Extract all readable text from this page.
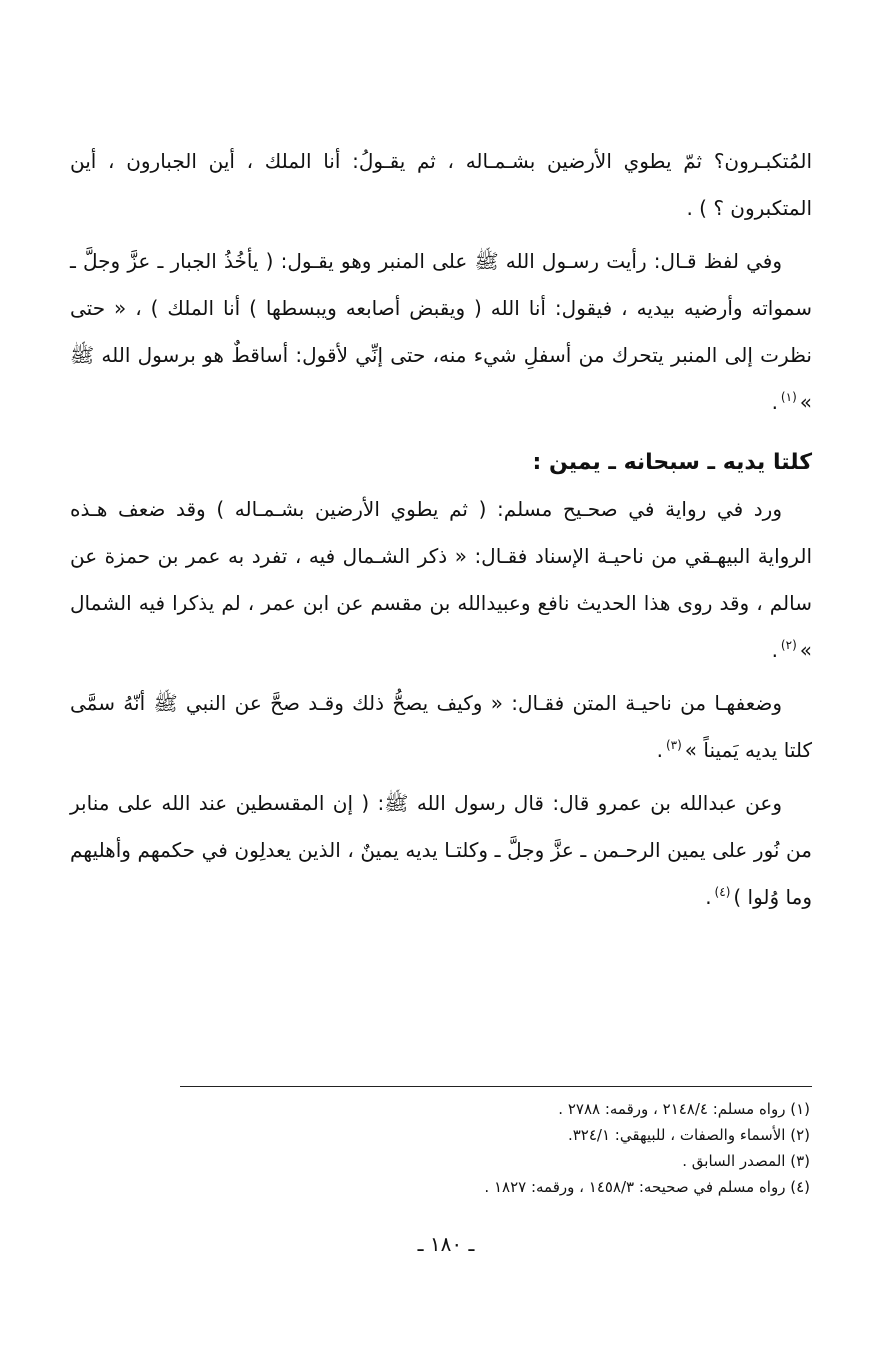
المُتكبـرون؟ ثمّ يطوي الأرضين بشـمـاله ، ثم يقـولُ: أنا الملك ، أين الجبارون ، أين المتكبرون ؟ ) .

وفي لفظ قـال: رأيت رسـول الله ﷺ على المنبر وهو يقـول: ( يأخُذُ الجبار ـ عزَّ وجلَّ ـ سمواته وأرضيه بيديه ، فيقول: أنا الله ( ويقبض أصابعه ويبسطها ) أنا الملك ) ، « حتى نظرت إلى المنبر يتحرك من أسفلِ شيء منه، حتى إنِّي لأقول: أساقطٌ هو برسول الله ﷺ »$^{(١)}$.

كلتا يديه ـ سبحانه ـ يمين :

ورد في رواية في صحـيح مسلم: ( ثم يطوي الأرضين بشـمـاله ) وقد ضعف هـذه الرواية البيهـقي من ناحيـة الإسناد فقـال: « ذكر الشـمال فيه ، تفرد به عمر بن حمزة عن سالم ، وقد روى هذا الحديث نافع وعبيدالله بن مقسم عن ابن عمر ، لم يذكرا فيه الشمال »$^{(٢)}$.

وضعفهـا من ناحيـة المتن فقـال: « وكيف يصحُّ ذلك وقـد صحَّ عن النبي ﷺ أنّهُ سمَّى كلتا يديه يَميناً »$^{(٣)}$.

وعن عبدالله بن عمرو قال: قال رسول الله ﷺ: ( إن المقسطين عند الله على منابر من نُور على يمين الرحـمن ـ عزَّ وجلَّ ـ وكلتـا يديه يمينٌ ، الذين يعدلِون في حكمهم وأهليهم وما وُلوا )$^{(٤)}$.

(١) رواه مسلم: ٢١٤٨/٤ ، ورقمه: ٢٧٨٨ .
(٢) الأسماء والصفات ، للبيهقي: ٣٢٤/١.
(٣) المصدر السابق .
(٤) رواه مسلم في صحيحه: ١٤٥٨/٣ ، ورقمه: ١٨٢٧ .
ـ ١٨٠ ـ
